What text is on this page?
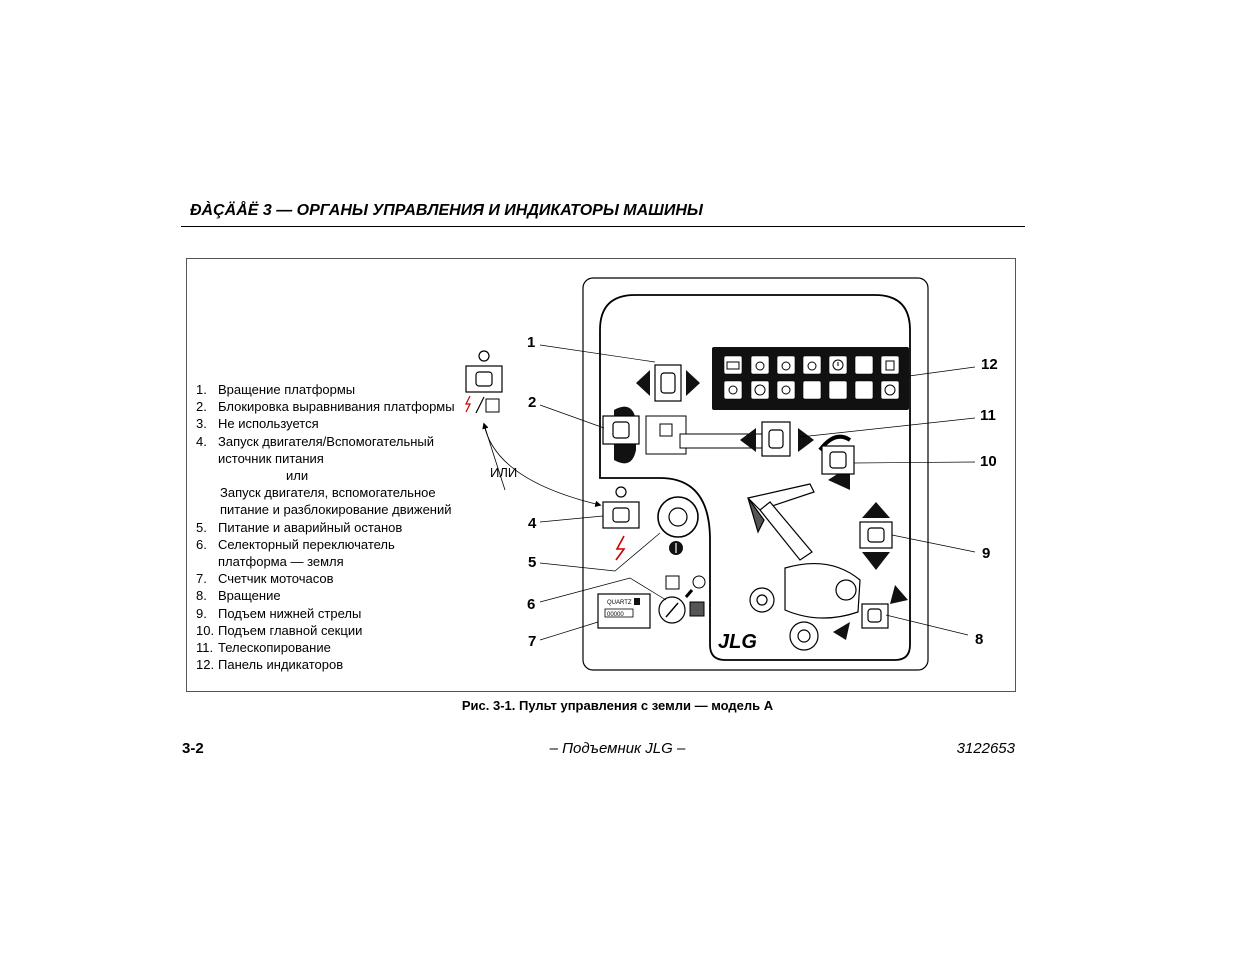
ÐÀÇÄÅË 3 — ОРГАНЫ УПРАВЛЕНИЯ И ИНДИКАТОРЫ МАШИНЫ
1. Вращение платформы
2. Блокировка выравнивания платформы
3. Не используется
4. Запуск двигателя/Вспомогательный
источник питания
или
Запуск двигателя, вспомогательное
питание и разблокирование движений
5. Питание и аварийный останов
6. Селекторный переключатель
платформа — земля
7. Счетчик моточасов
8. Вращение
9. Подъем нижней стрелы
10. Подъем главной секции
11. Телескопирование
12. Панель индикаторов
QUARTZ
00000
JLG
ИЛИ
1
2
4
5
6
7
12
11
10
9
8
Рис. 3-1. Пульт управления с земли — модель A
3-2	– Подъемник JLG –	3122653
